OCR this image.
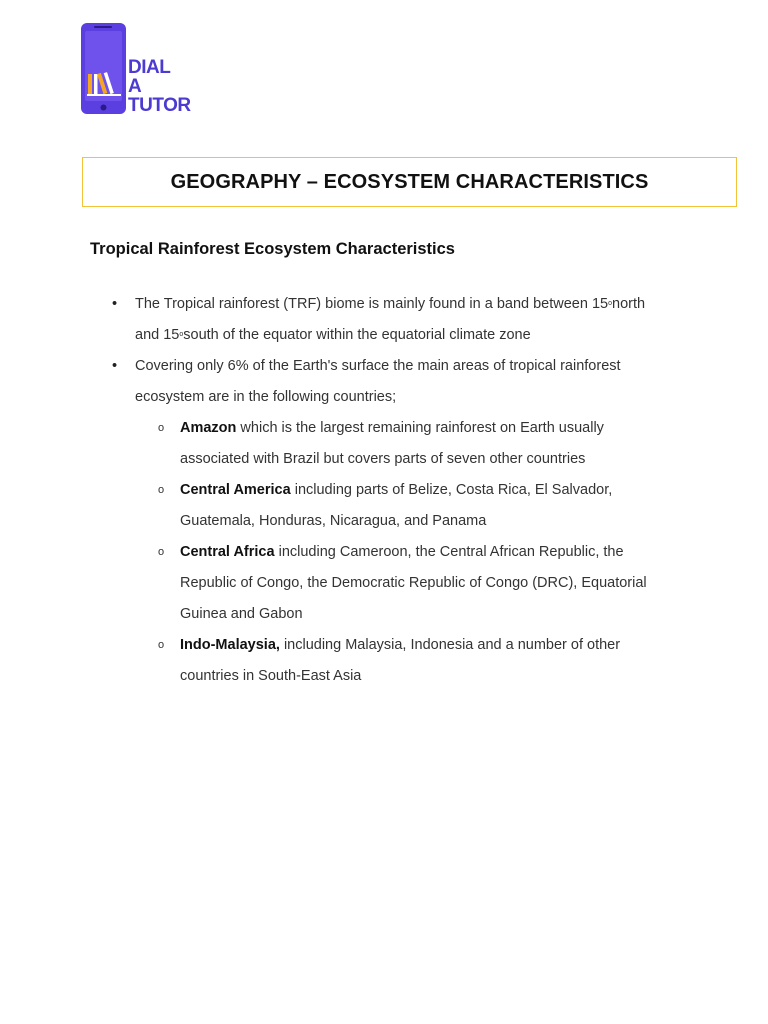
DIAL
A
TUTOR
GEOGRAPHY – ECOSYSTEM CHARACTERISTICS
Tropical Rainforest Ecosystem Characteristics
• The Tropical rainforest (TRF) biome is mainly found in a band between 15$^o$north and 15$^o$south of the equator within the equatorial climate zone
• Covering only 6% of the Earth's surface the main areas of tropical rainforest ecosystem are in the following countries;
o Amazon which is the largest remaining rainforest on Earth usually associated with Brazil but covers parts of seven other countries
o Central America including parts of Belize, Costa Rica, El Salvador, Guatemala, Honduras, Nicaragua, and Panama
o Central Africa including Cameroon, the Central African Republic, the Republic of Congo, the Democratic Republic of Congo (DRC), Equatorial Guinea and Gabon
o Indo-Malaysia, including Malaysia, Indonesia and a number of other countries in South-East Asia
